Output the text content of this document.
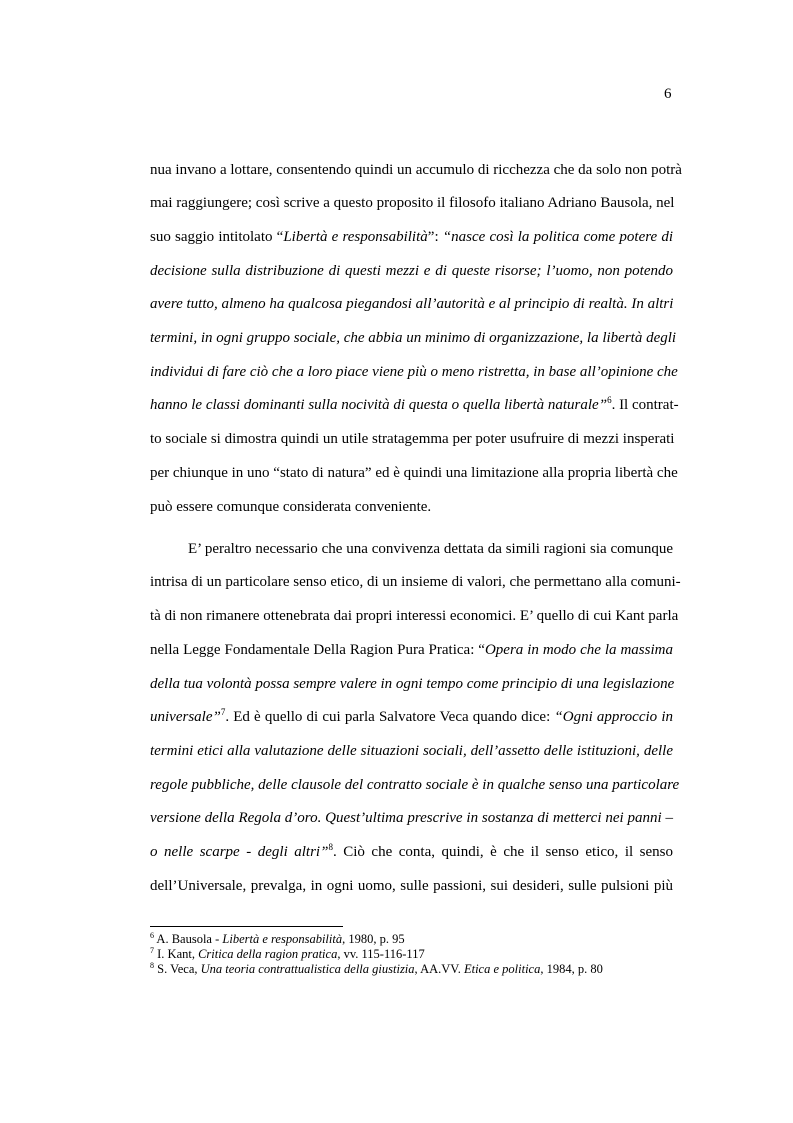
6
nua invano a lottare, consentendo quindi un accumulo di ricchezza che da solo non potrà
mai raggiungere; così scrive a questo proposito il filosofo italiano Adriano Bausola, nel
suo saggio intitolato “Libertà e responsabilità”: “nasce così la politica come potere di
decisione sulla distribuzione di questi mezzi e di queste risorse; l’uomo, non potendo
avere tutto, almeno ha qualcosa piegandosi all’autorità e al principio di realtà. In altri
termini, in ogni gruppo sociale, che abbia un minimo di organizzazione, la libertà degli
individui di fare ciò che a loro piace viene più o meno ristretta, in base all’opinione che
hanno le classi dominanti sulla nocività di questa o quella libertà naturale”$^6$. Il contrat-
to sociale si dimostra quindi un utile stratagemma per poter usufruire di mezzi insperati
per chiunque in uno “stato di natura” ed è quindi una limitazione alla propria libertà che
può essere comunque considerata conveniente.
E’ peraltro necessario che una convivenza dettata da simili ragioni sia comunque
intrisa di un particolare senso etico, di un insieme di valori, che permettano alla comuni-
tà di non rimanere ottenebrata dai propri interessi economici. E’ quello di cui Kant parla
nella Legge Fondamentale Della Ragion Pura Pratica: “Opera in modo che la massima
della tua volontà possa sempre valere in ogni tempo come principio di una legislazione
universale”$^7$. Ed è quello di cui parla Salvatore Veca quando dice: “Ogni approccio in
termini etici alla valutazione delle situazioni sociali, dell’assetto delle istituzioni, delle
regole pubbliche, delle clausole del contratto sociale è in qualche senso una particolare
versione della Regola d’oro. Quest’ultima prescrive in sostanza di metterci nei panni –
o nelle scarpe - degli altri”$^8$. Ciò che conta, quindi, è che il senso etico, il senso
dell’Universale, prevalga, in ogni uomo, sulle passioni, sui desideri, sulle pulsioni più
$^6$ A. Bausola - Libertà e responsabilità, 1980, p. 95
$^7$ I. Kant, Critica della ragion pratica, vv. 115-116-117
$^8$ S. Veca, Una teoria contrattualistica della giustizia, AA.VV. Etica e politica, 1984, p. 80
